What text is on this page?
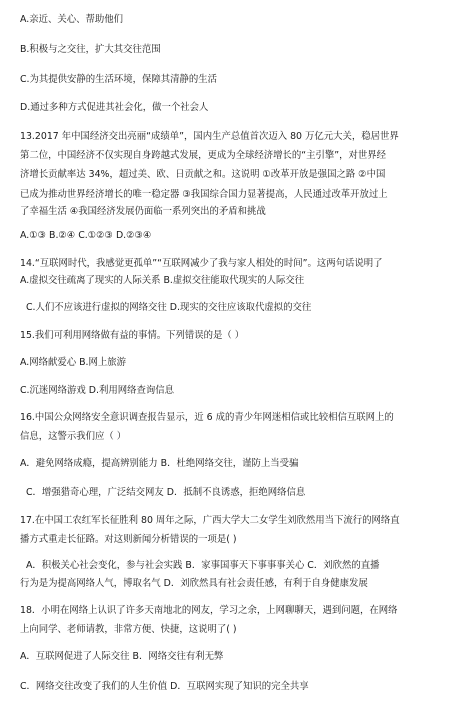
A.亲近、关心、帮助他们
B.积极与之交往，扩大其交往范围
C.为其提供安静的生活环境，保障其清静的生活
D.通过多种方式促进其社会化，做一个社会人
13.2017 年中国经济交出亮丽“成绩单”，国内生产总值首次迈入 80 万亿元大关，稳居世界
第二位，中国经济不仅实现自身跨越式发展，更成为全球经济增长的“主引擎”，对世界经
济增长贡献率达 34%，超过美、欧、日贡献之和。这说明 ①改革开放是强国之路 ②中国
已成为推动世界经济增长的唯一稳定器 ③我国综合国力显著提高，人民通过改革开放过上
了幸福生活 ④我国经济发展仍面临一系列突出的矛盾和挑战
A.①③ B.②④ C.①②③ D.②③④
14.“互联网时代，我感觉更孤单”“互联网减少了我与家人相处的时间”。这两句话说明了
A.虚拟交往疏离了现实的人际关系 B.虚拟交往能取代现实的人际交往
C.人们不应该进行虚拟的网络交往 D.现实的交往应该取代虚拟的交往
15.我们可利用网络做有益的事情。下列错误的是（ ）
A.网络献爱心 B.网上旅游
C.沉迷网络游戏 D.利用网络查询信息
16.中国公众网络安全意识调查报告显示，近 6 成的青少年网迷相信或比较相信互联网上的
信息，这警示我们应（ ）
A．避免网络成瘾，提高辨别能力 B．杜绝网络交往，谨防上当受骗
C．增强猎奇心理，广泛结交网友 D．抵制不良诱惑，拒绝网络信息
17.在中国工农红军长征胜利 80 周年之际，广西大学大二女学生刘欣然用当下流行的网络直
播方式重走长征路。对这则新闻分析错误的一项是( )
A．积极关心社会变化，参与社会实践 B．家事国事天下事事事关心 C．刘欣然的直播
行为是为提高网络人气，博取名气 D．刘欣然具有社会责任感，有利于自身健康发展
18．小明在网络上认识了许多天南地北的网友，学习之余，上网聊聊天，遇到问题，在网络
上向同学、老师请教，非常方便、快捷，这说明了( )
A．互联网促进了人际交往 B．网络交往有利无弊
C．网络交往改变了我们的人生价值 D．互联网实现了知识的完全共享
